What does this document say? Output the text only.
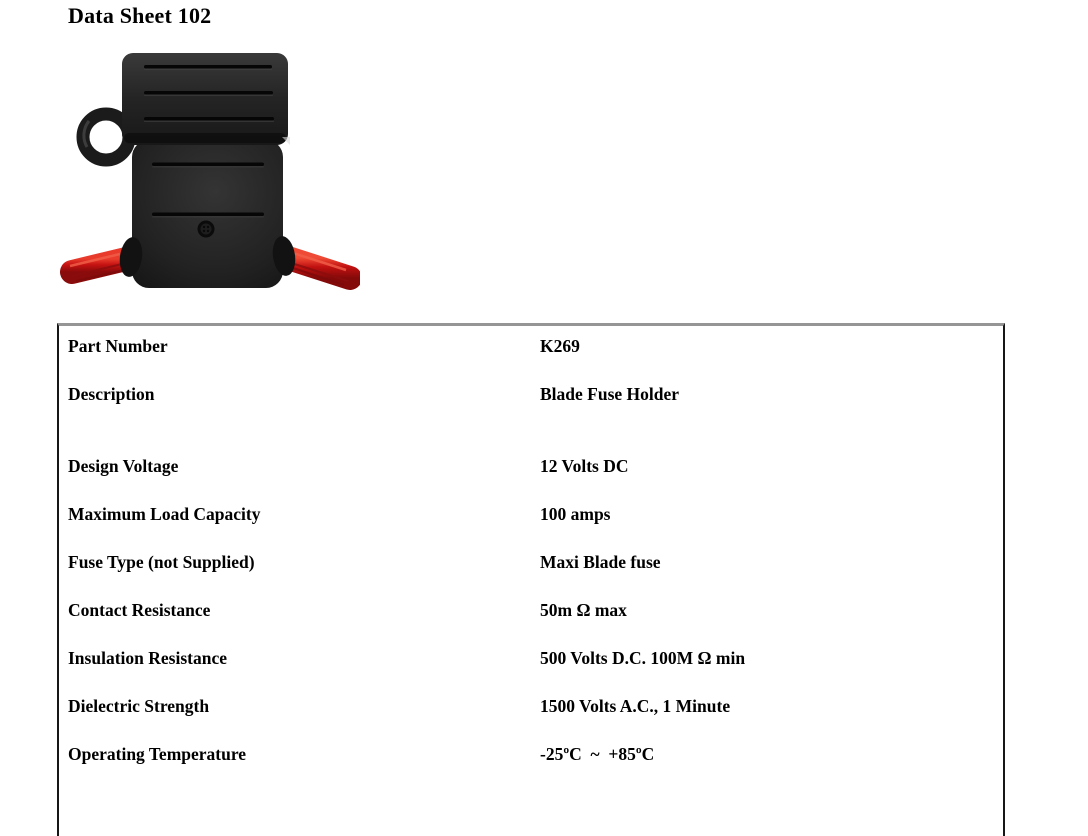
Data Sheet 102
Part Number	K269
Description	Blade Fuse Holder
Design Voltage	12 Volts DC
Maximum Load Capacity	100 amps
Fuse Type (not Supplied)	Maxi Blade fuse
Contact Resistance	50m Ω max
Insulation Resistance	500 Volts D.C. 100M Ω min
Dielectric Strength	1500 Volts A.C., 1 Minute
Operating Temperature	-25ºC  ~  +85ºC
